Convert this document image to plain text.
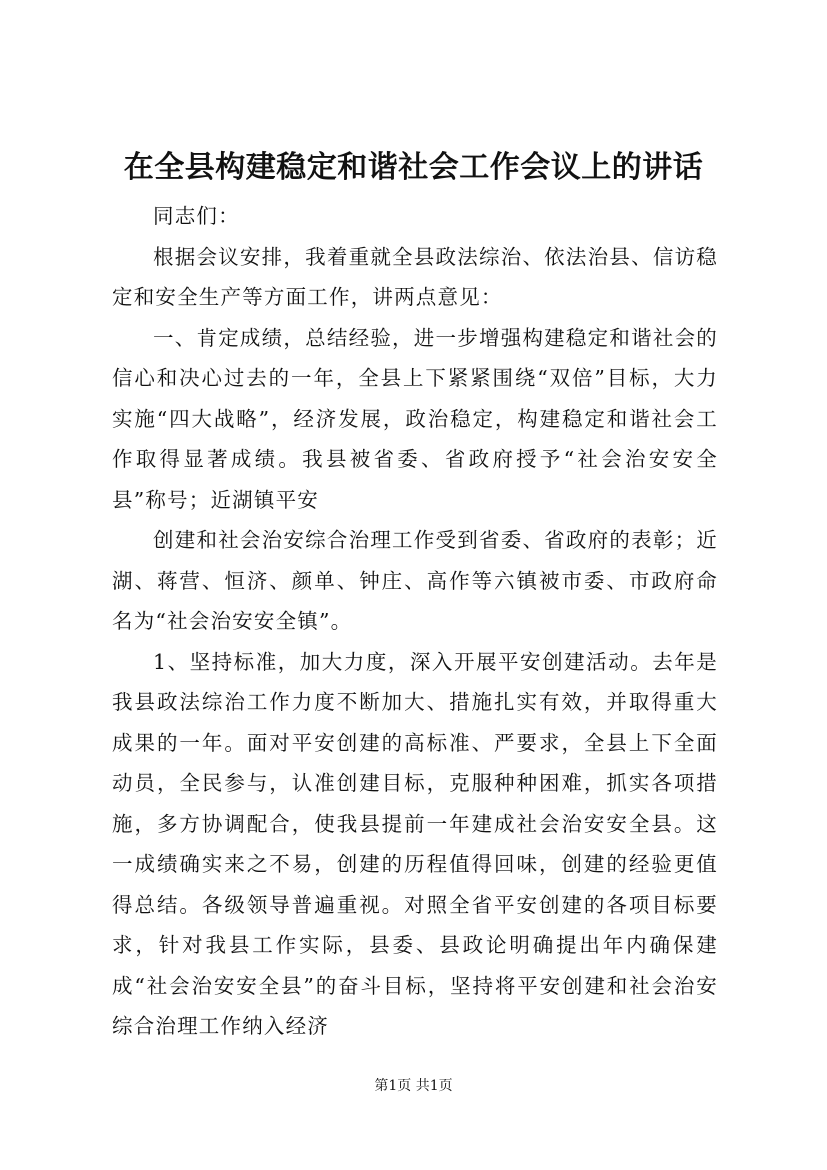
在全县构建稳定和谐社会工作会议上的讲话

同志们：

根据会议安排，我着重就全县政法综治、依法治县、信访稳定和安全生产等方面工作，讲两点意见：

一、肯定成绩，总结经验，进一步增强构建稳定和谐社会的信心和决心过去的一年，全县上下紧紧围绕“双倍”目标，大力实施“四大战略”，经济发展，政治稳定，构建稳定和谐社会工作取得显著成绩。我县被省委、省政府授予“社会治安安全县”称号；近湖镇平安

创建和社会治安综合治理工作受到省委、省政府的表彰；近湖、蒋营、恒济、颜单、钟庄、高作等六镇被市委、市政府命名为“社会治安安全镇”。

1、坚持标准，加大力度，深入开展平安创建活动。去年是我县政法综治工作力度不断加大、措施扎实有效，并取得重大成果的一年。面对平安创建的高标准、严要求，全县上下全面动员，全民参与，认准创建目标，克服种种困难，抓实各项措施，多方协调配合，使我县提前一年建成社会治安安全县。这一成绩确实来之不易，创建的历程值得回味，创建的经验更值得总结。各级领导普遍重视。对照全省平安创建的各项目标要求，针对我县工作实际，县委、县政论明确提出年内确保建成“社会治安安全县”的奋斗目标，坚持将平安创建和社会治安综合治理工作纳入经济

第1页 共1页
